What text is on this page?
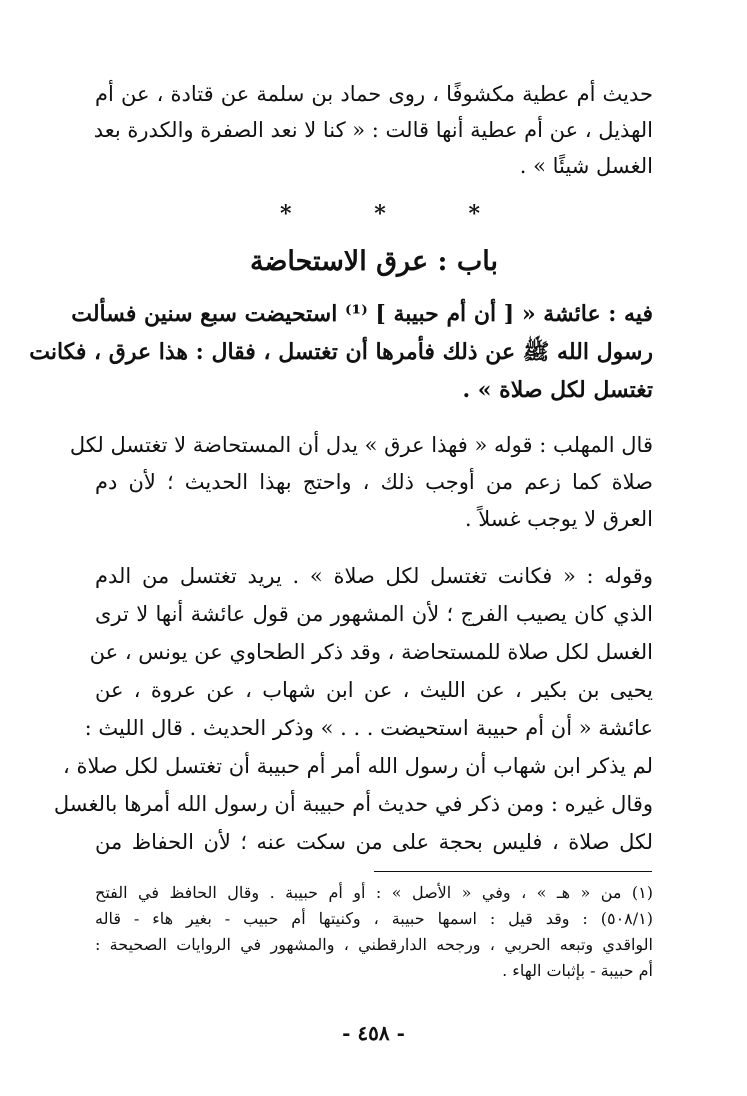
حديث أم عطية مكشوفًا ، روى حماد بن سلمة عن قتادة ، عن أم
الهذيل ، عن أم عطية أنها قالت : « كنا لا نعد الصفرة والكدرة بعد
الغسل شيئًا » .
*	*	*
باب : عرق الاستحاضة
فيه : عائشة « [ أن أم حبيبة ] ⁽¹⁾ استحيضت سبع سنين فسألت
رسول الله ﷺ عن ذلك فأمرها أن تغتسل ، فقال : هذا عرق ، فكانت
تغتسل لكل صلاة » .
قال المهلب : قوله « فهذا عرق » يدل أن المستحاضة لا تغتسل لكل
صلاة كما زعم من أوجب ذلك ، واحتج بهذا الحديث ؛ لأن دم
العرق لا يوجب غسلاً .
وقوله : « فكانت تغتسل لكل صلاة » . يريد تغتسل من الدم
الذي كان يصيب الفرج ؛ لأن المشهور من قول عائشة أنها لا ترى
الغسل لكل صلاة للمستحاضة ، وقد ذكر الطحاوي عن يونس ، عن
يحيى بن بكير ، عن الليث ، عن ابن شهاب ، عن عروة ، عن
عائشة « أن أم حبيبة استحيضت . . . » وذكر الحديث . قال الليث :
لم يذكر ابن شهاب أن رسول الله أمر أم حبيبة أن تغتسل لكل صلاة ،
وقال غيره : ومن ذكر في حديث أم حبيبة أن رسول الله أمرها بالغسل
لكل صلاة ، فليس بحجة على من سكت عنه ؛ لأن الحفاظ من
(١) من « هـ » ، وفي « الأصل » : أو أم حبيبة . وقال الحافظ في الفتح
(٥٠٨/١) : وقد قيل : اسمها حبيبة ، وكنيتها أم حبيب - بغير هاء - قاله
الواقدي وتبعه الحربي ، ورجحه الدارقطني ، والمشهور في الروايات الصحيحة :
أم حبيبة - بإثبات الهاء .
- ٤٥٨ -
